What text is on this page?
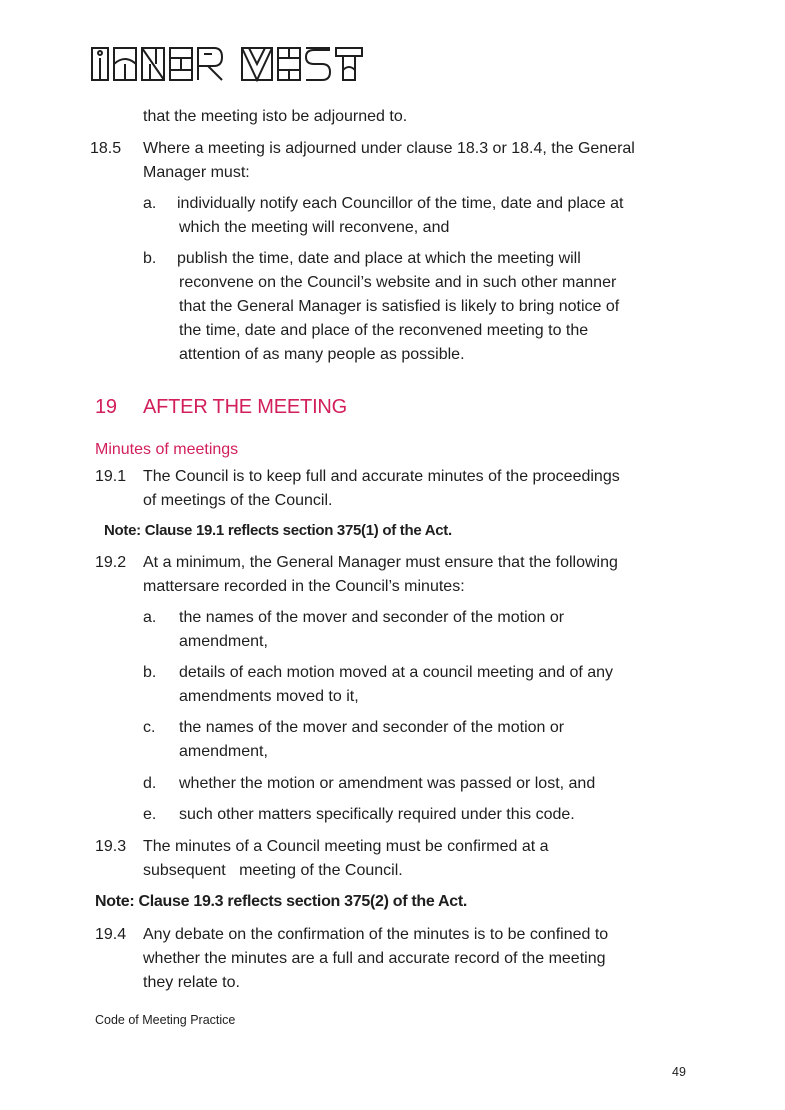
that the meeting isto be adjourned to.
18.5 Where a meeting is adjourned under clause 18.3 or 18.4, the General
Manager must:
a. individually notify each Councillor of the time, date and place at
which the meeting will reconvene, and
b. publish the time, date and place at which the meeting will
reconvene on the Council’s website and in such other manner
that the General Manager is satisfied is likely to bring notice of
the time, date and place of the reconvened meeting to the
attention of as many people as possible.
19 AFTER THE MEETING
Minutes of meetings
19.1 The Council is to keep full and accurate minutes of the proceedings
of meetings of the Council.
Note: Clause 19.1 reflects section 375(1) of the Act.
19.2 At a minimum, the General Manager must ensure that the following
mattersare recorded in the Council’s minutes:
a. the names of the mover and seconder of the motion or
amendment,
b. details of each motion moved at a council meeting and of any
amendments moved to it,
c. the names of the mover and seconder of the motion or
amendment,
d. whether the motion or amendment was passed or lost, and
e. such other matters specifically required under this code.
19.3 The minutes of a Council meeting must be confirmed at a
subsequent   meeting of the Council.
Note: Clause 19.3 reflects section 375(2) of the Act.
19.4 Any debate on the confirmation of the minutes is to be confined to
whether the minutes are a full and accurate record of the meeting
they relate to.
Code of Meeting Practice
49
